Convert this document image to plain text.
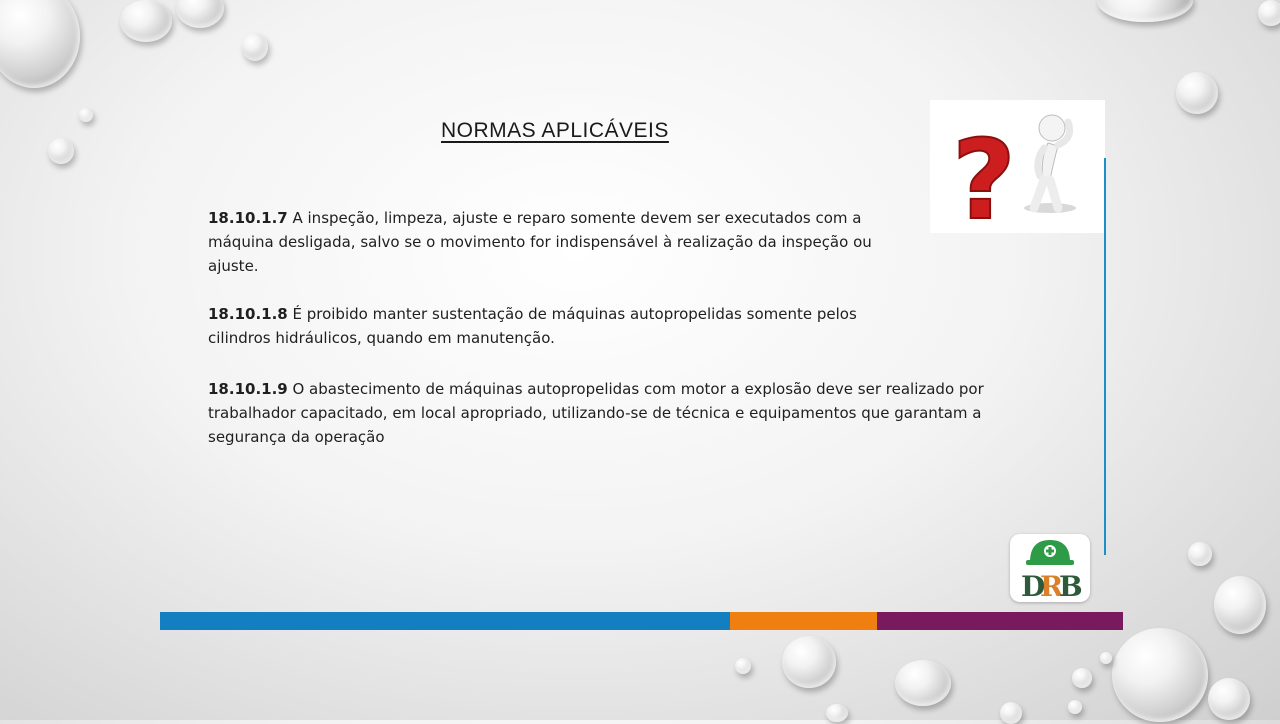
NORMAS APLICÁVEIS
18.10.1.7 A inspeção, limpeza, ajuste e reparo somente devem ser executados com a máquina desligada, salvo se o movimento for indispensável à realização da inspeção ou ajuste.
18.10.1.8 É proibido manter sustentação de máquinas autopropelidas somente pelos cilindros hidráulicos, quando em manutenção.
18.10.1.9 O abastecimento de máquinas autopropelidas com motor a explosão deve ser realizado por trabalhador capacitado, em local apropriado, utilizando-se de técnica e equipamentos que garantam a segurança da operação
?
D
R
B
